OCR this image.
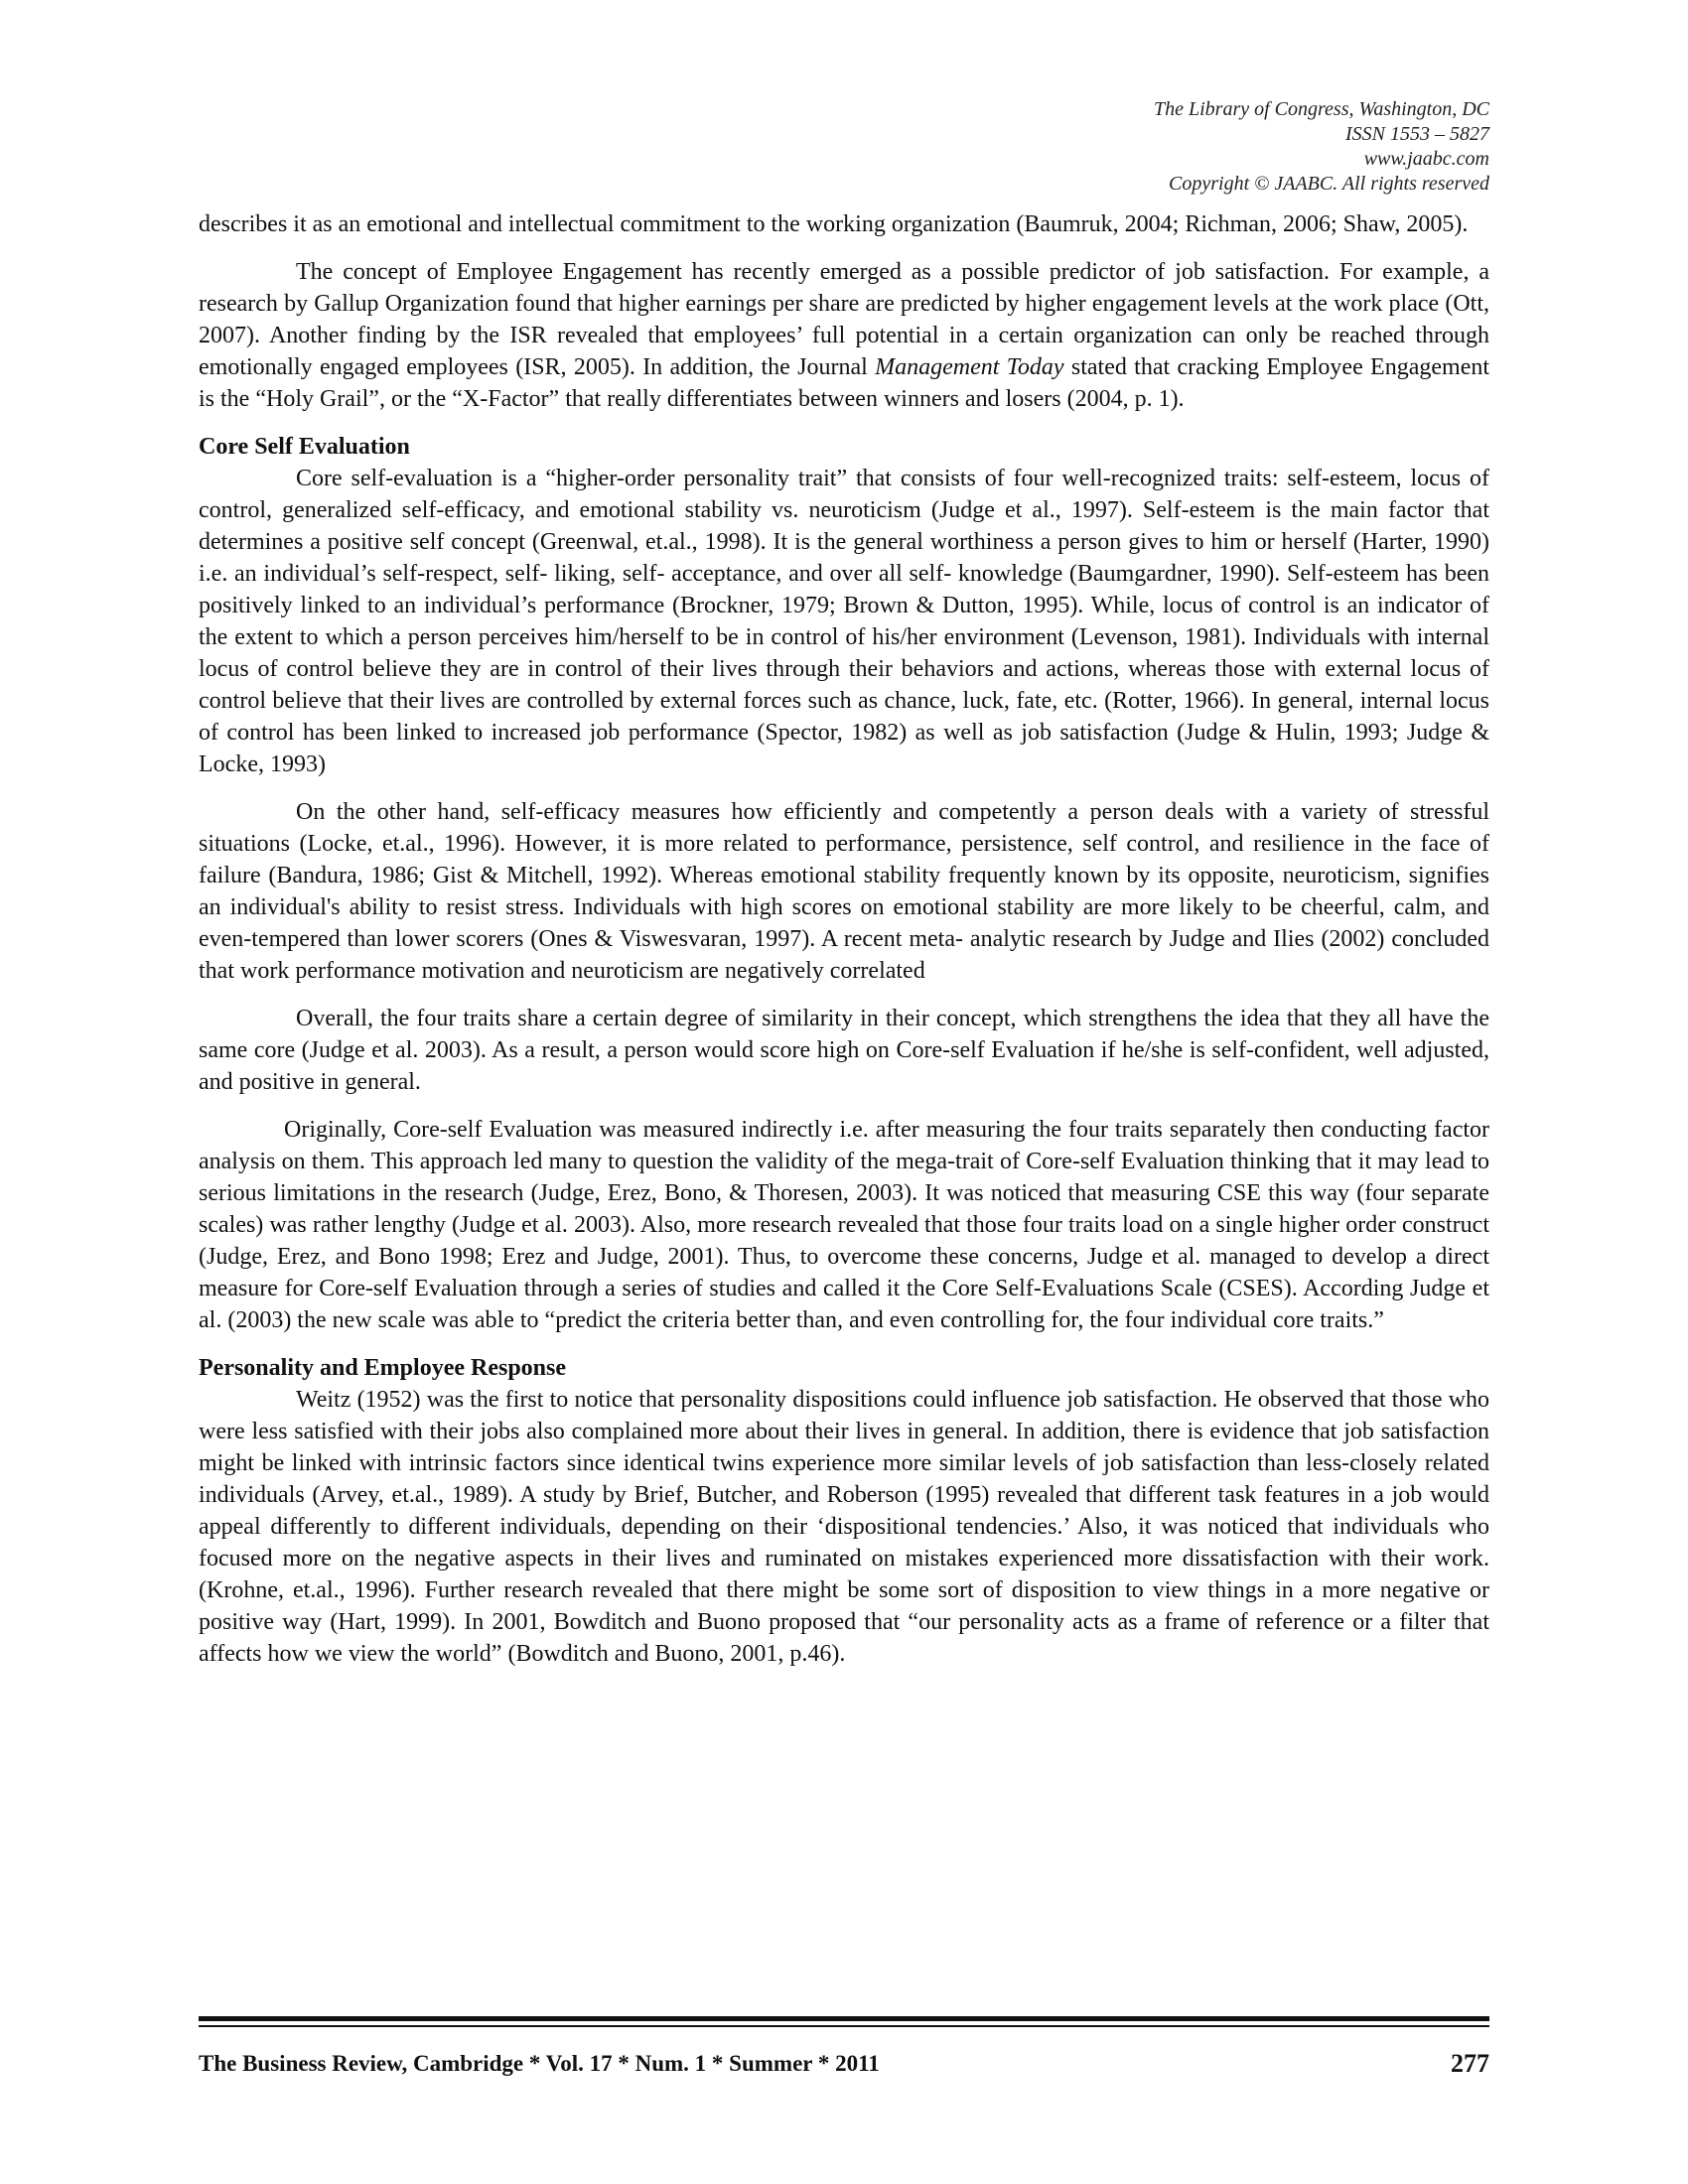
The Library of Congress, Washington, DC
ISSN 1553 – 5827
www.jaabc.com
Copyright © JAABC. All rights reserved

describes it as an emotional and intellectual commitment to the working organization (Baumruk, 2004; Richman, 2006; Shaw, 2005).

The concept of Employee Engagement has recently emerged as a possible predictor of job satisfaction. For example, a research by Gallup Organization found that higher earnings per share are predicted by higher engagement levels at the work place (Ott, 2007). Another finding by the ISR revealed that employees’ full potential in a certain organization can only be reached through emotionally engaged employees (ISR, 2005). In addition, the Journal Management Today stated that cracking Employee Engagement is the “Holy Grail”, or the “X-Factor” that really differentiates between winners and losers (2004, p. 1).

Core Self Evaluation

Core self-evaluation is a “higher-order personality trait” that consists of four well-recognized traits: self-esteem, locus of control, generalized self-efficacy, and emotional stability vs. neuroticism (Judge et al., 1997). Self-esteem is the main factor that determines a positive self concept (Greenwal, et.al., 1998). It is the general worthiness a person gives to him or herself (Harter, 1990) i.e. an individual’s self-respect, self- liking, self- acceptance, and over all self- knowledge (Baumgardner, 1990). Self-esteem has been positively linked to an individual’s performance (Brockner, 1979; Brown & Dutton, 1995). While, locus of control is an indicator of the extent to which a person perceives him/herself to be in control of his/her environment (Levenson, 1981). Individuals with internal locus of control believe they are in control of their lives through their behaviors and actions, whereas those with external locus of control believe that their lives are controlled by external forces such as chance, luck, fate, etc. (Rotter, 1966). In general, internal locus of control has been linked to increased job performance (Spector, 1982) as well as job satisfaction (Judge & Hulin, 1993; Judge & Locke, 1993)

On the other hand, self-efficacy measures how efficiently and competently a person deals with a variety of stressful situations (Locke, et.al., 1996). However, it is more related to performance, persistence, self control, and resilience in the face of failure (Bandura, 1986; Gist & Mitchell, 1992). Whereas emotional stability frequently known by its opposite, neuroticism, signifies an individual's ability to resist stress. Individuals with high scores on emotional stability are more likely to be cheerful, calm, and even-tempered than lower scorers (Ones & Viswesvaran, 1997). A recent meta- analytic research by Judge and Ilies (2002) concluded that work performance motivation and neuroticism are negatively correlated

Overall, the four traits share a certain degree of similarity in their concept, which strengthens the idea that they all have the same core (Judge et al. 2003). As a result, a person would score high on Core-self Evaluation if he/she is self-confident, well adjusted, and positive in general.

Originally, Core-self Evaluation was measured indirectly i.e. after measuring the four traits separately then conducting factor analysis on them. This approach led many to question the validity of the mega-trait of Core-self Evaluation thinking that it may lead to serious limitations in the research (Judge, Erez, Bono, & Thoresen, 2003). It was noticed that measuring CSE this way (four separate scales) was rather lengthy (Judge et al. 2003). Also, more research revealed that those four traits load on a single higher order construct (Judge, Erez, and Bono 1998; Erez and Judge, 2001). Thus, to overcome these concerns, Judge et al. managed to develop a direct measure for Core-self Evaluation through a series of studies and called it the Core Self-Evaluations Scale (CSES). According Judge et al. (2003) the new scale was able to “predict the criteria better than, and even controlling for, the four individual core traits.”

Personality and Employee Response

Weitz (1952) was the first to notice that personality dispositions could influence job satisfaction. He observed that those who were less satisfied with their jobs also complained more about their lives in general. In addition, there is evidence that job satisfaction might be linked with intrinsic factors since identical twins experience more similar levels of job satisfaction than less-closely related individuals (Arvey, et.al., 1989). A study by Brief, Butcher, and Roberson (1995) revealed that different task features in a job would appeal differently to different individuals, depending on their ‘dispositional tendencies.’ Also, it was noticed that individuals who focused more on the negative aspects in their lives and ruminated on mistakes experienced more dissatisfaction with their work. (Krohne, et.al., 1996). Further research revealed that there might be some sort of disposition to view things in a more negative or positive way (Hart, 1999). In 2001, Bowditch and Buono proposed that “our personality acts as a frame of reference or a filter that affects how we view the world” (Bowditch and Buono, 2001, p.46).

The Business Review, Cambridge * Vol. 17 * Num. 1 * Summer * 2011	277
